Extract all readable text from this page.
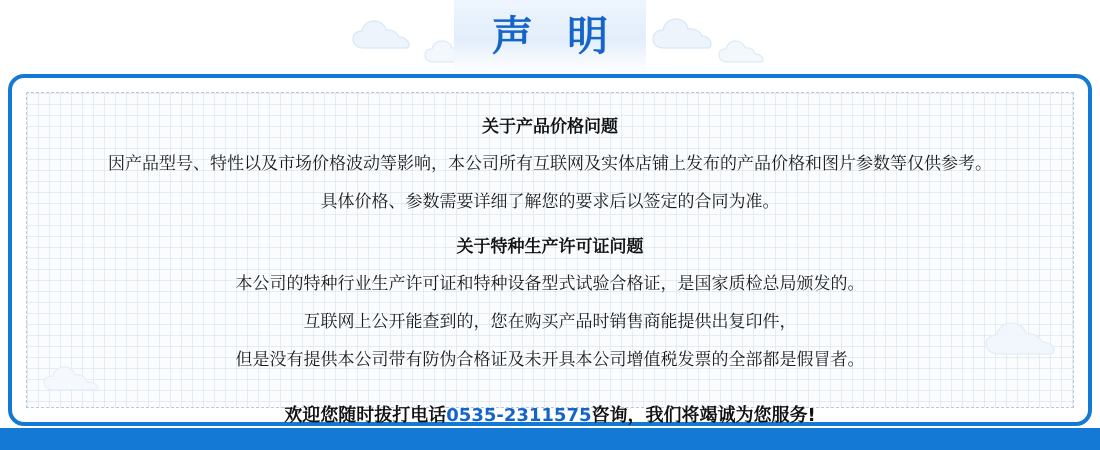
声 明
关于产品价格问题

因产品型号、特性以及市场价格波动等影响，本公司所有互联网及实体店铺上发布的产品价格和图片参数等仅供参考。

具体价格、参数需要详细了解您的要求后以签定的合同为准。

关于特种生产许可证问题

本公司的特种行业生产许可证和特种设备型式试验合格证，是国家质检总局颁发的。

互联网上公开能查到的，您在购买产品时销售商能提供出复印件，

但是没有提供本公司带有防伪合格证及未开具本公司增值税发票的全部都是假冒者。

欢迎您随时拔打电话0535-2311575咨询，我们将竭诚为您服务!
